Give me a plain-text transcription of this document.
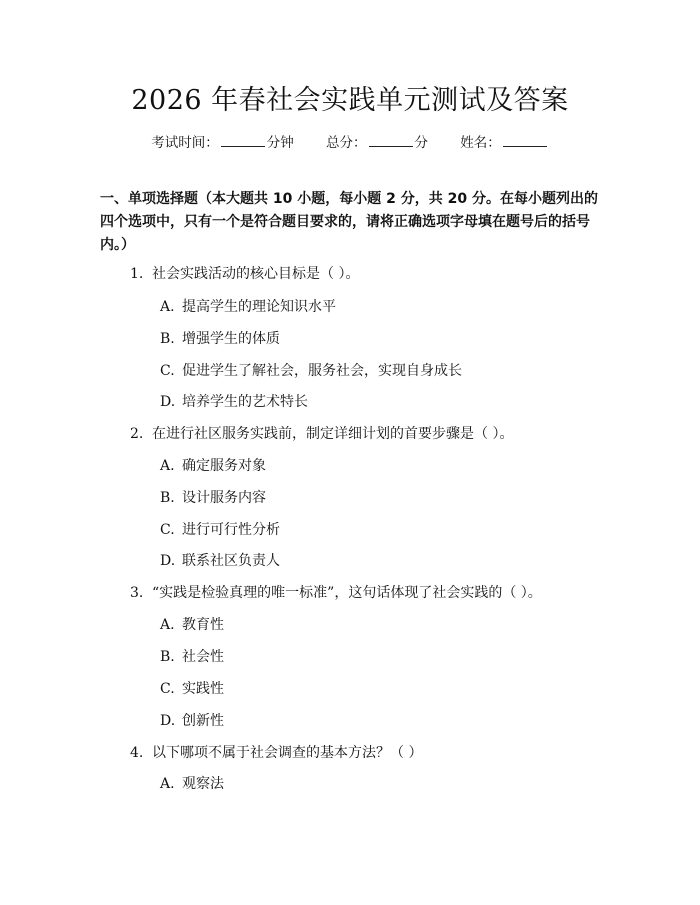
2026 年春社会实践单元测试及答案
考试时间：	分钟 总分：	分 姓名：
一、单项选择题（本大题共 10 小题，每小题 2 分，共 20 分。在每小题列出的四个选项中，只有一个是符合题目要求的，请将正确选项字母填在题号后的括号内。）
1. 社会实践活动的核心目标是（ ）。
A. 提高学生的理论知识水平
B. 增强学生的体质
C. 促进学生了解社会，服务社会，实现自身成长
D. 培养学生的艺术特长
2. 在进行社区服务实践前，制定详细计划的首要步骤是（ ）。
A. 确定服务对象
B. 设计服务内容
C. 进行可行性分析
D. 联系社区负责人
3. “实践是检验真理的唯一标准”，这句话体现了社会实践的（ ）。
A. 教育性
B. 社会性
C. 实践性
D. 创新性
4. 以下哪项不属于社会调查的基本方法？（ ）
A. 观察法
